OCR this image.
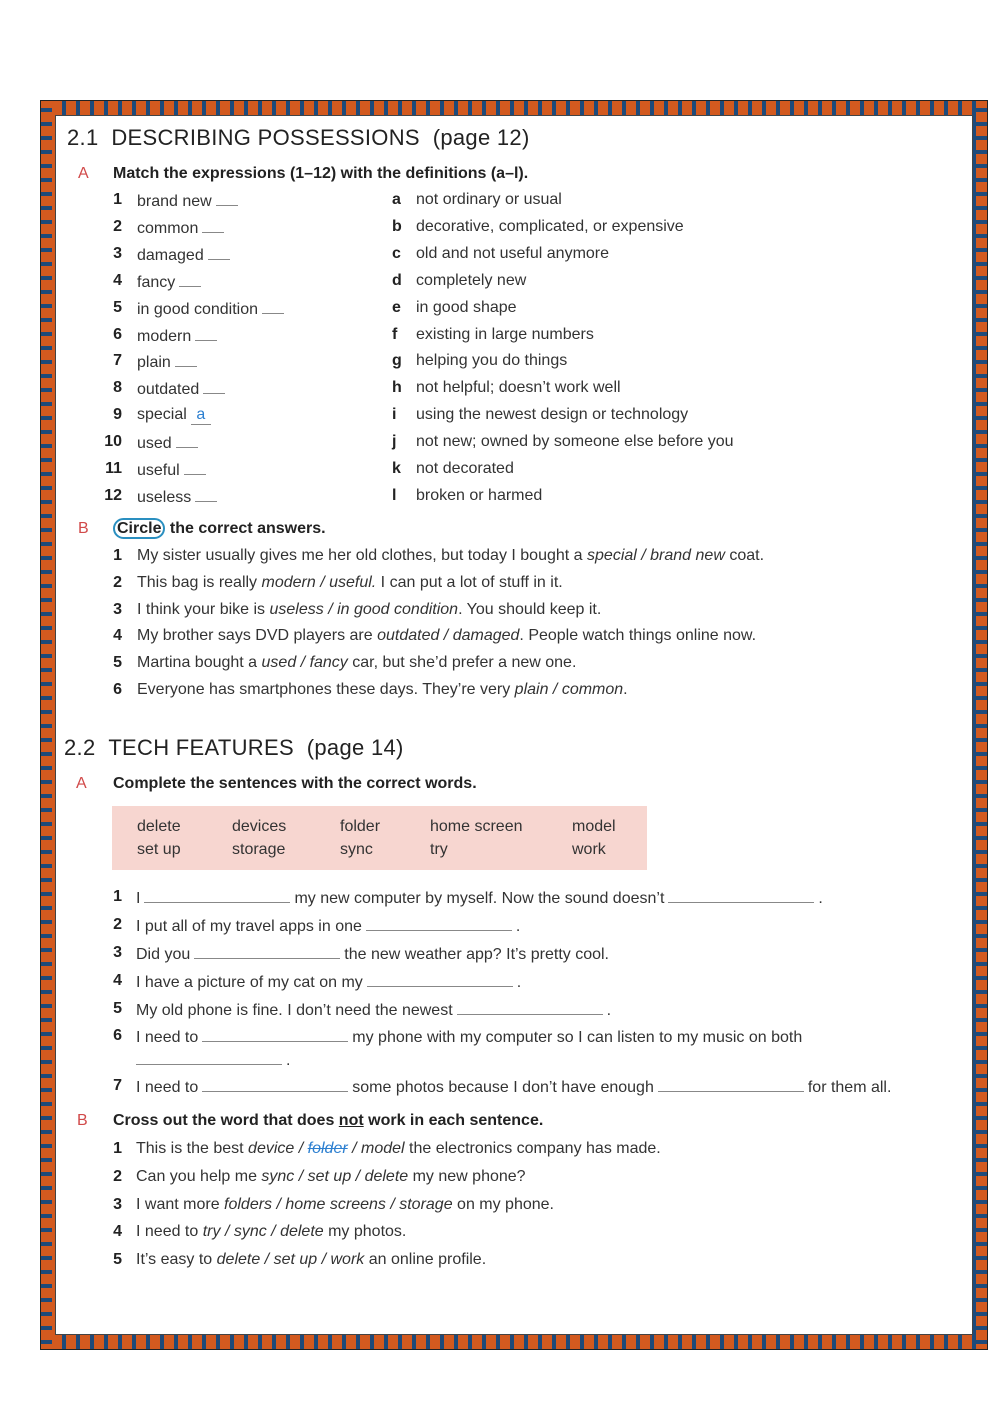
2.1 DESCRIBING POSSESSIONS (page 12)
A Match the expressions (1–12) with the definitions (a–l).
1 brand new
2 common
3 damaged
4 fancy
5 in good condition
6 modern
7 plain
8 outdated
9 special a
10 used
11 useful
12 useless
a not ordinary or usual
b decorative, complicated, or expensive
c old and not useful anymore
d completely new
e in good shape
f existing in large numbers
g helping you do things
h not helpful; doesn’t work well
i using the newest design or technology
j not new; owned by someone else before you
k not decorated
l broken or harmed
B Circle the correct answers.
1 My sister usually gives me her old clothes, but today I bought a special / brand new coat.
2 This bag is really modern / useful. I can put a lot of stuff in it.
3 I think your bike is useless / in good condition. You should keep it.
4 My brother says DVD players are outdated / damaged. People watch things online now.
5 Martina bought a used / fancy car, but she’d prefer a new one.
6 Everyone has smartphones these days. They’re very plain / common.
2.2 TECH FEATURES (page 14)
A Complete the sentences with the correct words.
delete	devices	folder	home screen	model
set up	storage	sync	try	work
1 I	my new computer by myself. Now the sound doesn’t	.
2 I put all of my travel apps in one	.
3 Did you	the new weather app? It’s pretty cool.
4 I have a picture of my cat on my	.
5 My old phone is fine. I don’t need the newest	.
6 I need to	my phone with my computer so I can listen to my music on both
.
7 I need to	some photos because I don’t have enough	for them all.
B Cross out the word that does not work in each sentence.
1 This is the best device / folder / model the electronics company has made.
2 Can you help me sync / set up / delete my new phone?
3 I want more folders / home screens / storage on my phone.
4 I need to try / sync / delete my photos.
5 It’s easy to delete / set up / work an online profile.
